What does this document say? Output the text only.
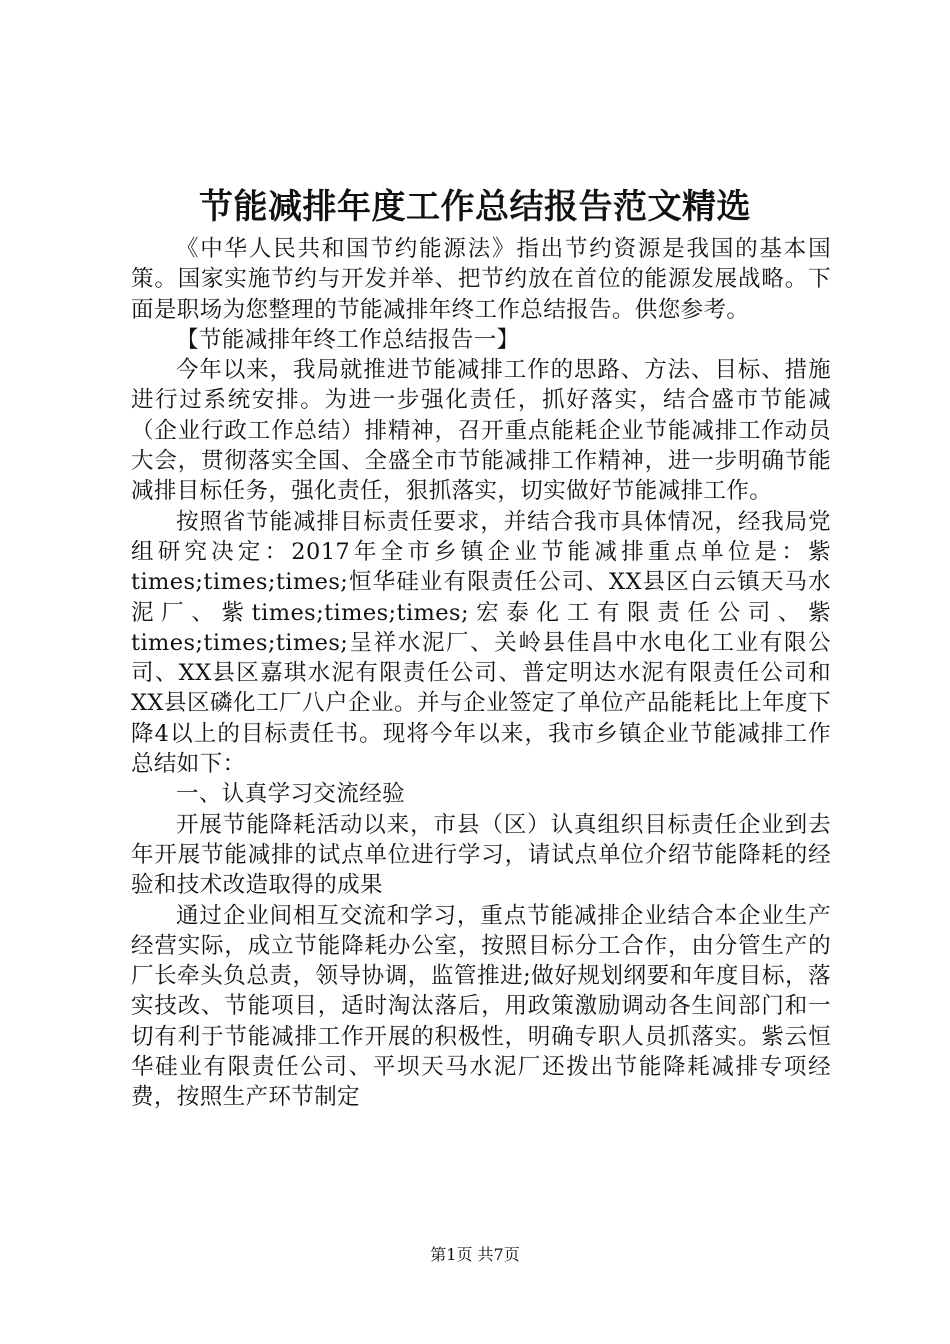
节能减排年度工作总结报告范文精选

《中华人民共和国节约能源法》指出节约资源是我国的基本国策。国家实施节约与开发并举、把节约放在首位的能源发展战略。下面是职场为您整理的节能减排年终工作总结报告。供您参考。

【节能减排年终工作总结报告一】

今年以来，我局就推进节能减排工作的思路、方法、目标、措施进行过系统安排。为进一步强化责任，抓好落实，结合盛市节能减（企业行政工作总结）排精神，召开重点能耗企业节能减排工作动员大会，贯彻落实全国、全盛全市节能减排工作精神，进一步明确节能减排目标任务，强化责任，狠抓落实，切实做好节能减排工作。

按照省节能减排目标责任要求，并结合我市具体情况，经我局党组研究决定：2017年全市乡镇企业节能减排重点单位是：紫times;times;times;恒华硅业有限责任公司、XX县区白云镇天马水泥厂、紫times;times;times;宏泰化工有限责任公司、紫times;times;times;呈祥水泥厂、关岭县佳昌中水电化工业有限公司、XX县区嘉琪水泥有限责任公司、普定明达水泥有限责任公司和XX县区磷化工厂八户企业。并与企业签定了单位产品能耗比上年度下降4以上的目标责任书。现将今年以来，我市乡镇企业节能减排工作总结如下：

一、认真学习交流经验

开展节能降耗活动以来，市县（区）认真组织目标责任企业到去年开展节能减排的试点单位进行学习，请试点单位介绍节能降耗的经验和技术改造取得的成果

通过企业间相互交流和学习，重点节能减排企业结合本企业生产经营实际，成立节能降耗办公室，按照目标分工合作，由分管生产的厂长牵头负总责，领导协调，监管推进;做好规划纲要和年度目标，落实技改、节能项目，适时淘汰落后，用政策激励调动各生间部门和一切有利于节能减排工作开展的积极性，明确专职人员抓落实。紫云恒华硅业有限责任公司、平坝天马水泥厂还拨出节能降耗减排专项经费，按照生产环节制定

第1页 共7页
